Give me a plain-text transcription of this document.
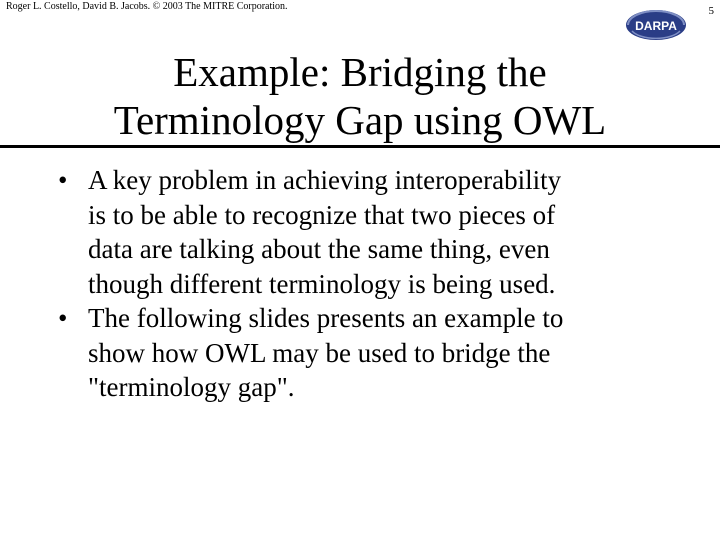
Roger L. Costello, David B. Jacobs. © 2003 The MITRE Corporation.	5
DARPA
Example: Bridging the
Terminology Gap using OWL
• A key problem in achieving interoperability
is to be able to recognize that two pieces of
data are talking about the same thing, even
though different terminology is being used.
• The following slides presents an example to
show how OWL may be used to bridge the
"terminology gap".
